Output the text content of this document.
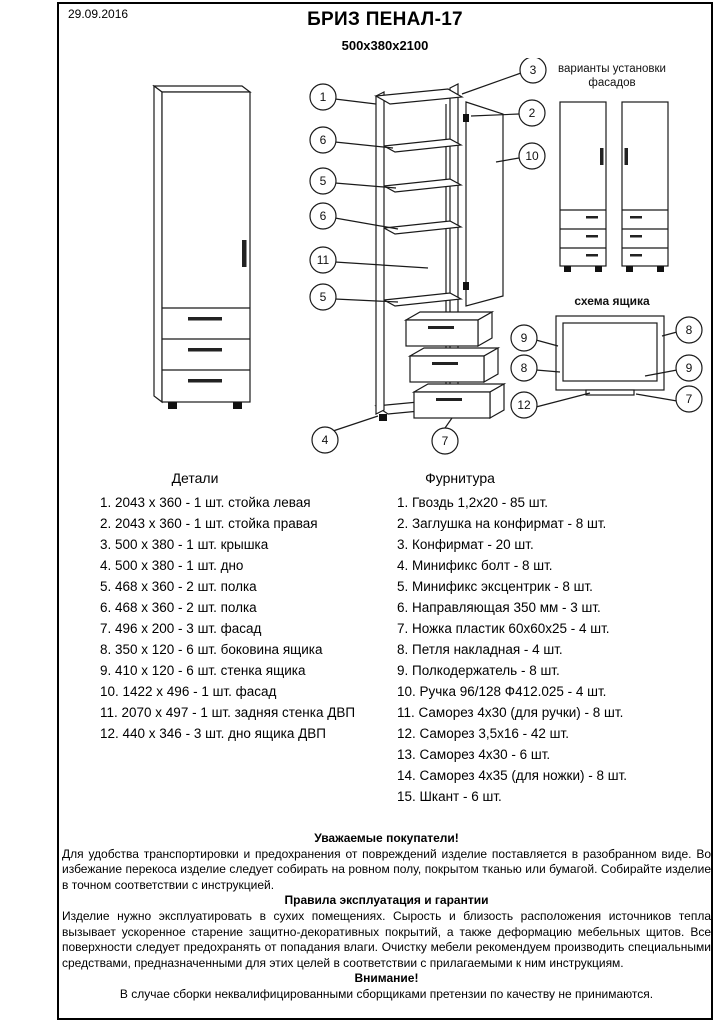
29.09.2016	БРИЗ ПЕНАЛ-17
500х380х2100
1
3
2
10
6
5
6
11
5
4	7
варианты установки
фасадов
схема ящика
9
8
8
9
7
12
Детали	Фурнитура
1. 2043 х 360 - 1 шт. стойка левая
2. 2043 х 360 - 1 шт. стойка правая
3. 500 х 380 - 1 шт. крышка
4. 500 х 380 - 1 шт. дно
5. 468 х 360 - 2 шт. полка
6. 468 х 360 - 2 шт. полка
7. 496 х 200 - 3 шт. фасад
8. 350 х 120 - 6 шт. боковина ящика
9. 410 х 120 - 6 шт. стенка ящика
10. 1422 х 496 - 1 шт. фасад
11. 2070 х 497 - 1 шт. задняя стенка ДВП
12. 440 х 346 - 3 шт. дно ящика ДВП
1. Гвоздь 1,2х20 - 85 шт.
2. Заглушка на конфирмат - 8 шт.
3. Конфирмат - 20 шт.
4. Минификс болт - 8 шт.
5. Минификс эксцентрик - 8 шт.
6. Направляющая 350 мм - 3 шт.
7. Ножка пластик 60х60х25 - 4 шт.
8. Петля накладная - 4 шт.
9. Полкодержатель - 8 шт.
10. Ручка 96/128 Ф412.025 - 4 шт.
11. Саморез 4х30 (для ручки) - 8 шт.
12. Саморез 3,5х16 - 42 шт.
13. Саморез 4х30 - 6 шт.
14. Саморез 4х35 (для ножки) - 8 шт.
15. Шкант - 6 шт.
Уважаемые покупатели!
Для удобства транспортировки и предохранения от повреждений изделие поставляется в разобранном виде. Во избежание перекоса изделие следует собирать на ровном полу, покрытом тканью или бумагой. Собирайте изделие в точном соответствии с инструкцией.
Правила эксплуатация и гарантии
Изделие нужно эксплуатировать в сухих помещениях. Сырость и близость расположения источников тепла вызывает ускоренное старение защитно-декоративных покрытий, а также деформацию мебельных щитов. Все поверхности следует предохранять от попадания влаги. Очистку мебели рекомендуем производить специальными средствами, предназначенными для этих целей в соответствии с прилагаемыми к ним инструкциям.
Внимание!
В случае сборки неквалифицированными сборщиками претензии по качеству не принимаются.
